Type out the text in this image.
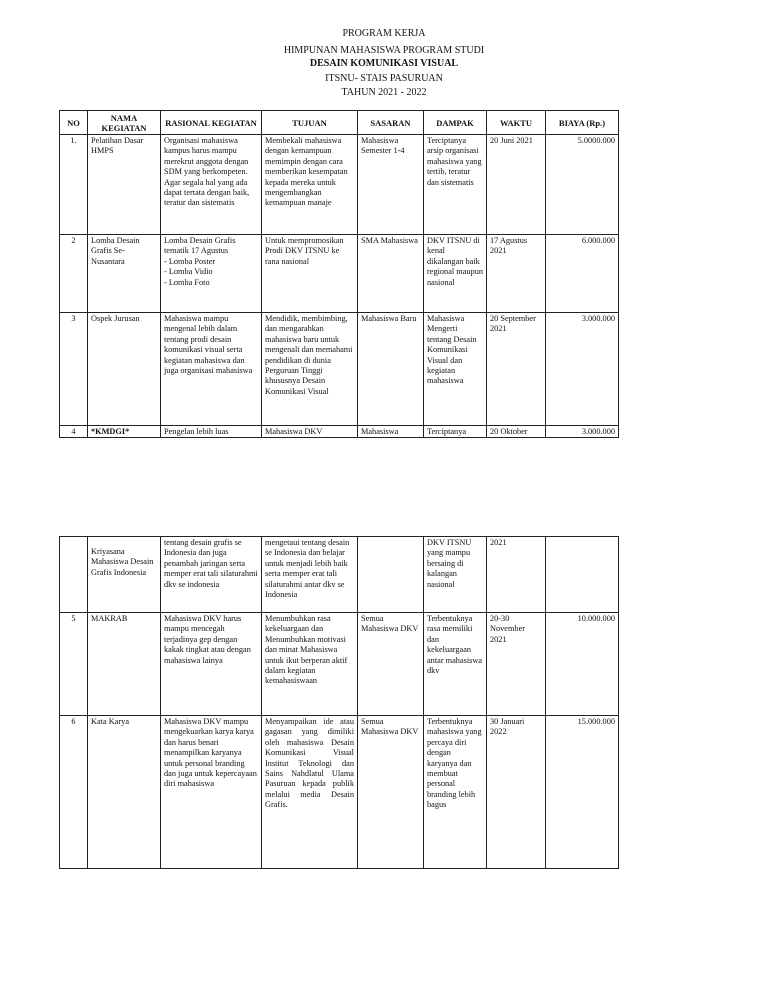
PROGRAM KERJA
HIMPUNAN MAHASISWA PROGRAM STUDI
DESAIN KOMUNIKASI VISUAL
ITSNU- STAIS PASURUAN
TAHUN 2021 - 2022
NO	NAMA KEGIATAN	RASIONAL KEGIATAN	TUJUAN	SASARAN	DAMPAK	WAKTU	BIAYA (Rp.)
1.	Pelatihan Dasar HMPS	Organisasi mahasiswa kampus harus mampu merekrut anggota dengan SDM yang berkompeten. Agar segala hal yang ada dapat tertata dengan baik, teratur dan sistematis	Membekali mahasiswa dengan kemampuan memimpin dengan cara memberikan kesempatan kepada mereka untuk mengembangkan kemampuan manaje	Mahasiswa Semester 1-4	Terciptanya arsip organisasi mahasiswa yang tertib, teratur dan sistematis	20 Juni 2021	5.0000.000
2	Lomba Desain Grafis Se-Nusantara	Lomba Desain Grafis tematik 17 Agustus
- Lomba Poster
- Lomba Vidio
- Lomba Foto	Untuk mempromosikan Prodi DKV ITSNU ke rana nasional	SMA Mahasiswa	DKV ITSNU di kenal dikalangan baik regional maupun nasional	17 Agustus 2021	6.000.000
3	Ospek Jurusan	Mahasiswa mampu mengenal lebih dalam tentang prodi desain komunikasi visual serta kegiatan mahasiswa dan juga organisasi mahasiswa	Mendidik, membimbing, dan mengarahkan mahasiswa baru untuk mengenali dan memahami pendidikan di dunia Perguruan Tinggi khususnya Desain Komunikasi Visual	Mahasiswa Baru	Mahasiswa Mengerti tentang Desain Komunikasi Visual dan kegiatan mahasiswa	20 September 2021	3.000.000
4	*KMDGI*	Pengelan lebih luas	Mahasiswa DKV	Mahasiswa	Terciptanya	20 Oktober	3.000.000
	Kriyasana Mahasiswa Desain Grafis Indonesia	tentang desain grafis se Indonesia dan juga penambah jaringan serta memper erat tali silaturahmi dkv se indonesia	mengetaui tentang desain se Indonesia dan belajar untuk menjadi lebih baik serta memper erat tali silaturahmi antar dkv se Indonesia		DKV ITSNU yang mampu bersaing di kalangan nasional	2021	
5	MAKRAB	Mahasiswa DKV harus mampu mencegah terjadinya gep dengan kakak tingkat atau dengan mahasiswa lainya	Menumbuhkan rasa kekeluargaan dan Menumbuhkan motivasi dan minat Mahasiswa untuk ikut berperan aktif dalam kegiatan kemahasiswaan	Semua Mahasiswa DKV	Terbentuknya rasa memiliki dan kekeluargaan antar mahasiswa dkv	20-30 November 2021	10.000.000
6	Kata Karya	Mahasiswa DKV mampu mengekuarkan karya karya dan harus benari menampilkan karyanya untuk personal branding dan juga untuk kepercayaan diri mahasiswa	Menyampaikan ide atau gagasan yang dimiliki oleh mahasiswa Desain Komunikasi Visual Institut Teknologi dan Sains Nahdlatul Ulama Pasuruan kepada publik melalui media Desain Grafis.	Semua Mahasiswa DKV	Terbentuknya mahasiswa yang percaya diri dengan karyanya dan membuat personal branding lebih bagus	30 Januari 2022	15.000.000
